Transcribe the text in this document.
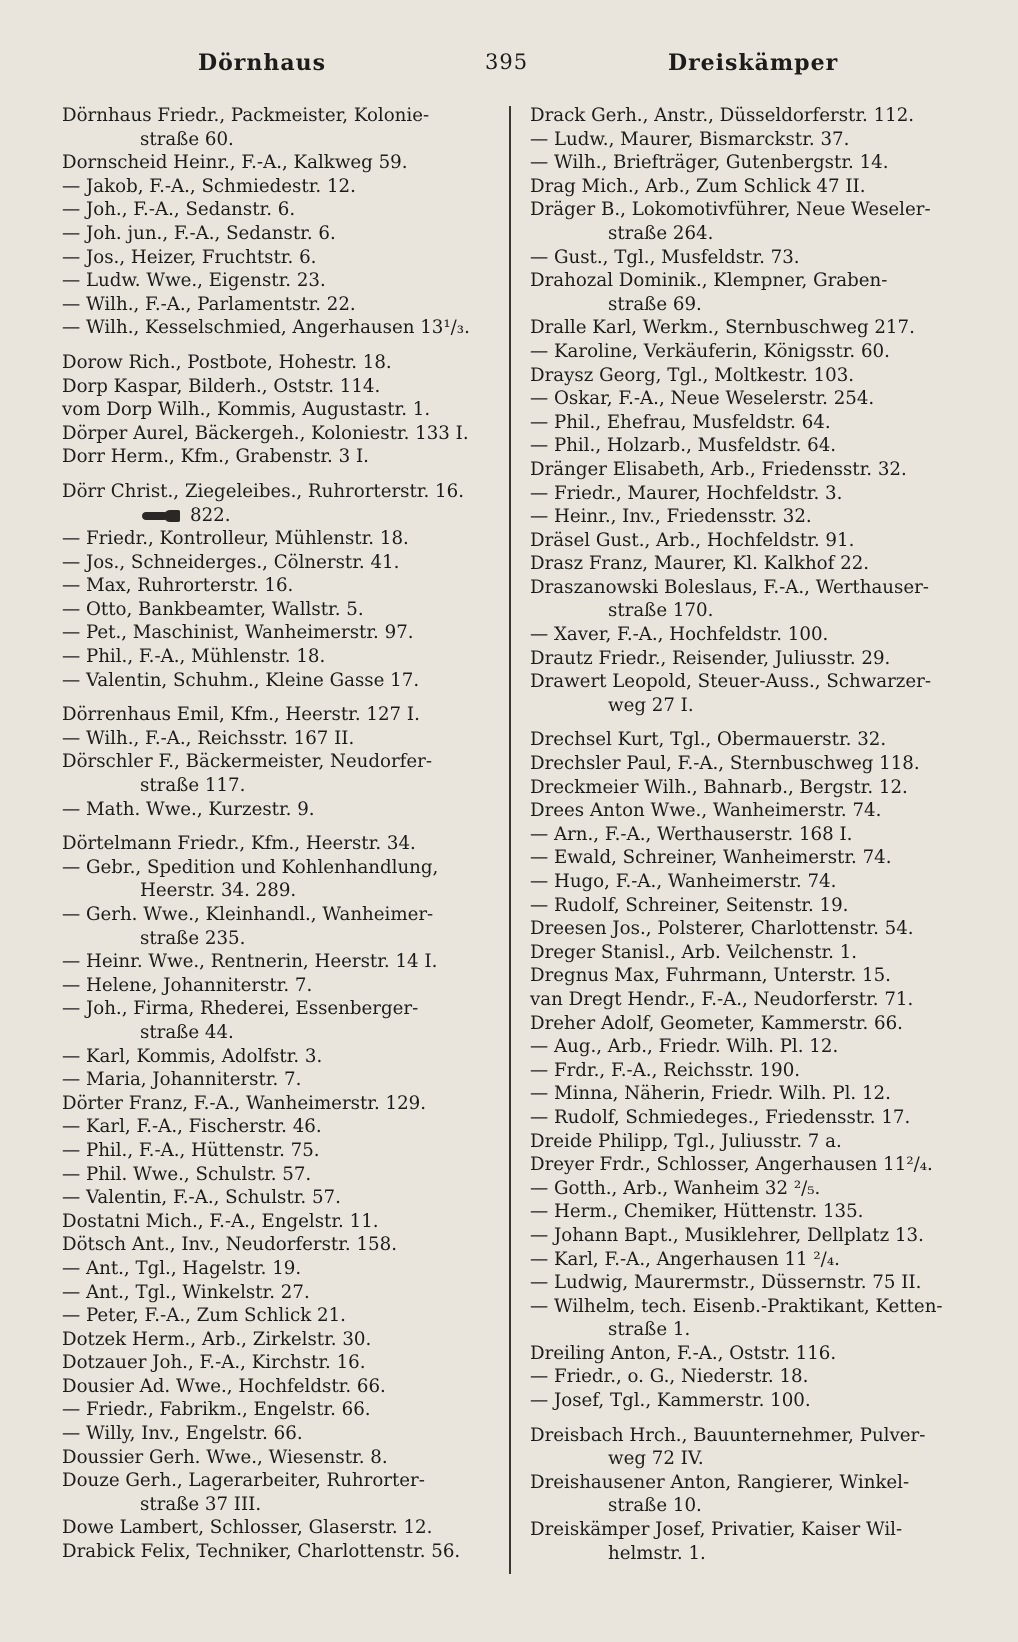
Dörnhaus	395	Dreiskämper
Dörnhaus Friedr., Packmeister, Kolonie-
straße 60.
Dornscheid Heinr., F.-A., Kalkweg 59.
— Jakob, F.-A., Schmiedestr. 12.
— Joh., F.-A., Sedanstr. 6.
— Joh. jun., F.-A., Sedanstr. 6.
— Jos., Heizer, Fruchtstr. 6.
— Ludw. Wwe., Eigenstr. 23.
— Wilh., F.-A., Parlamentstr. 22.
— Wilh., Kesselschmied, Angerhausen 13¹/₃.
Dorow Rich., Postbote, Hohestr. 18.
Dorp Kaspar, Bilderh., Oststr. 114.
vom Dorp Wilh., Kommis, Augustastr. 1.
Dörper Aurel, Bäckergeh., Koloniestr. 133 I.
Dorr Herm., Kfm., Grabenstr. 3 I.
Dörr Christ., Ziegeleibes., Ruhrorterstr. 16.
822.
— Friedr., Kontrolleur, Mühlenstr. 18.
— Jos., Schneiderges., Cölnerstr. 41.
— Max, Ruhrorterstr. 16.
— Otto, Bankbeamter, Wallstr. 5.
— Pet., Maschinist, Wanheimerstr. 97.
— Phil., F.-A., Mühlenstr. 18.
— Valentin, Schuhm., Kleine Gasse 17.
Dörrenhaus Emil, Kfm., Heerstr. 127 I.
— Wilh., F.-A., Reichsstr. 167 II.
Dörschler F., Bäckermeister, Neudorfer-
straße 117.
— Math. Wwe., Kurzestr. 9.
Dörtelmann Friedr., Kfm., Heerstr. 34.
— Gebr., Spedition und Kohlenhandlung,
Heerstr. 34. 289.
— Gerh. Wwe., Kleinhandl., Wanheimer-
straße 235.
— Heinr. Wwe., Rentnerin, Heerstr. 14 I.
— Helene, Johanniterstr. 7.
— Joh., Firma, Rhederei, Essenberger-
straße 44.
— Karl, Kommis, Adolfstr. 3.
— Maria, Johanniterstr. 7.
Dörter Franz, F.-A., Wanheimerstr. 129.
— Karl, F.-A., Fischerstr. 46.
— Phil., F.-A., Hüttenstr. 75.
— Phil. Wwe., Schulstr. 57.
— Valentin, F.-A., Schulstr. 57.
Dostatni Mich., F.-A., Engelstr. 11.
Dötsch Ant., Inv., Neudorferstr. 158.
— Ant., Tgl., Hagelstr. 19.
— Ant., Tgl., Winkelstr. 27.
— Peter, F.-A., Zum Schlick 21.
Dotzek Herm., Arb., Zirkelstr. 30.
Dotzauer Joh., F.-A., Kirchstr. 16.
Dousier Ad. Wwe., Hochfeldstr. 66.
— Friedr., Fabrikm., Engelstr. 66.
— Willy, Inv., Engelstr. 66.
Doussier Gerh. Wwe., Wiesenstr. 8.
Douze Gerh., Lagerarbeiter, Ruhrorter-
straße 37 III.
Dowe Lambert, Schlosser, Glaserstr. 12.
Drabick Felix, Techniker, Charlottenstr. 56.
Drack Gerh., Anstr., Düsseldorferstr. 112.
— Ludw., Maurer, Bismarckstr. 37.
— Wilh., Briefträger, Gutenbergstr. 14.
Drag Mich., Arb., Zum Schlick 47 II.
Dräger B., Lokomotivführer, Neue Weseler-
straße 264.
— Gust., Tgl., Musfeldstr. 73.
Drahozal Dominik., Klempner, Graben-
straße 69.
Dralle Karl, Werkm., Sternbuschweg 217.
— Karoline, Verkäuferin, Königsstr. 60.
Draysz Georg, Tgl., Moltkestr. 103.
— Oskar, F.-A., Neue Weselerstr. 254.
— Phil., Ehefrau, Musfeldstr. 64.
— Phil., Holzarb., Musfeldstr. 64.
Dränger Elisabeth, Arb., Friedensstr. 32.
— Friedr., Maurer, Hochfeldstr. 3.
— Heinr., Inv., Friedensstr. 32.
Dräsel Gust., Arb., Hochfeldstr. 91.
Drasz Franz, Maurer, Kl. Kalkhof 22.
Draszanowski Boleslaus, F.-A., Werthauser-
straße 170.
— Xaver, F.-A., Hochfeldstr. 100.
Drautz Friedr., Reisender, Juliusstr. 29.
Drawert Leopold, Steuer-Auss., Schwarzer-
weg 27 I.
Drechsel Kurt, Tgl., Obermauerstr. 32.
Drechsler Paul, F.-A., Sternbuschweg 118.
Dreckmeier Wilh., Bahnarb., Bergstr. 12.
Drees Anton Wwe., Wanheimerstr. 74.
— Arn., F.-A., Werthauserstr. 168 I.
— Ewald, Schreiner, Wanheimerstr. 74.
— Hugo, F.-A., Wanheimerstr. 74.
— Rudolf, Schreiner, Seitenstr. 19.
Dreesen Jos., Polsterer, Charlottenstr. 54.
Dreger Stanisl., Arb. Veilchenstr. 1.
Dregnus Max, Fuhrmann, Unterstr. 15.
van Dregt Hendr., F.-A., Neudorferstr. 71.
Dreher Adolf, Geometer, Kammerstr. 66.
— Aug., Arb., Friedr. Wilh. Pl. 12.
— Frdr., F.-A., Reichsstr. 190.
— Minna, Näherin, Friedr. Wilh. Pl. 12.
— Rudolf, Schmiedeges., Friedensstr. 17.
Dreide Philipp, Tgl., Juliusstr. 7 a.
Dreyer Frdr., Schlosser, Angerhausen 11²/₄.
— Gotth., Arb., Wanheim 32 ²/₅.
— Herm., Chemiker, Hüttenstr. 135.
— Johann Bapt., Musiklehrer, Dellplatz 13.
— Karl, F.-A., Angerhausen 11 ²/₄.
— Ludwig, Maurermstr., Düssernstr. 75 II.
— Wilhelm, tech. Eisenb.-Praktikant, Ketten-
straße 1.
Dreiling Anton, F.-A., Oststr. 116.
— Friedr., o. G., Niederstr. 18.
— Josef, Tgl., Kammerstr. 100.
Dreisbach Hrch., Bauunternehmer, Pulver-
weg 72 IV.
Dreishausener Anton, Rangierer, Winkel-
straße 10.
Dreiskämper Josef, Privatier, Kaiser Wil-
helmstr. 1.
